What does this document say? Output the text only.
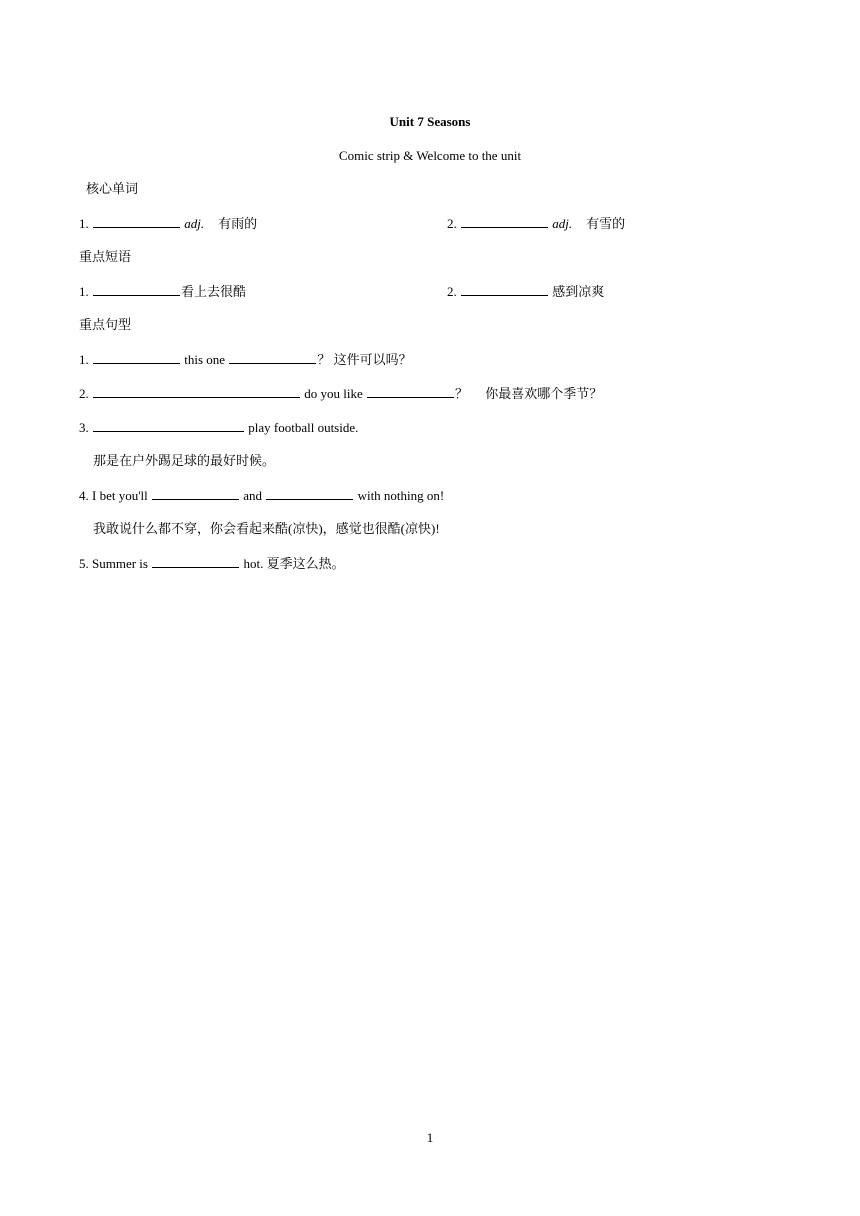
Unit 7 Seasons
Comic strip & Welcome to the unit
核心单词
1.	adj. 有雨的	2.	adj. 有雪的
重点短语
1.	看上去很酷	2.	感到凉爽
重点句型
1.	this one	？ 这件可以吗？
2.	do you like	？ 你最喜欢哪个季节？
3.	play football outside.
那是在户外踢足球的最好时候。
4. I bet you'll	and	with nothing on!
我敢说什么都不穿，你会看起来酷(凉快)，感觉也很酷(凉快)!
5. Summer is	hot. 夏季这么热。
1
